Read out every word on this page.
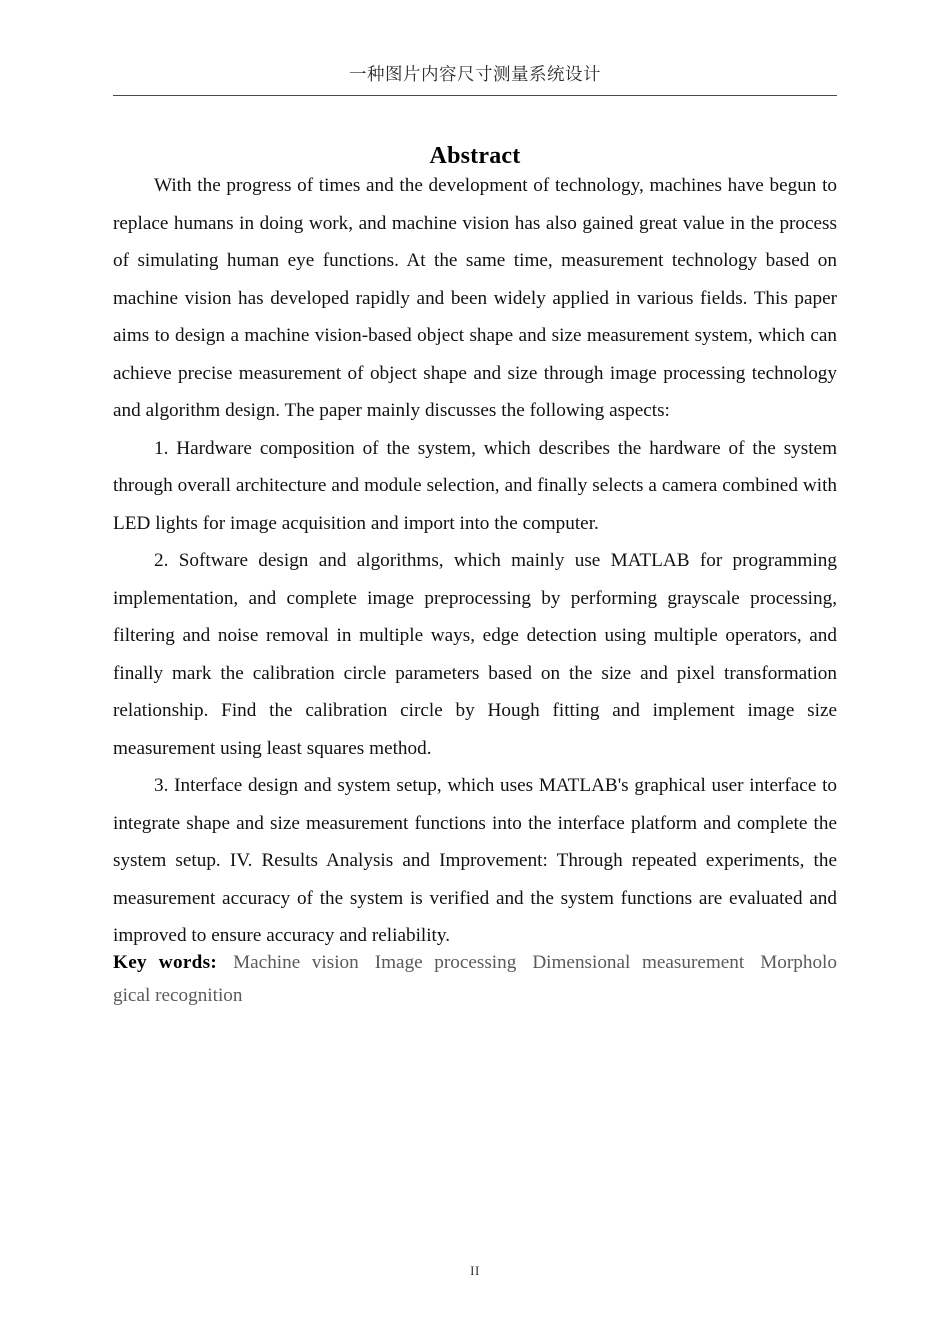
一种图片内容尺寸测量系统设计
Abstract

With the progress of times and the development of technology, machines have begun to replace humans in doing work, and machine vision has also gained great value in the process of simulating human eye functions. At the same time, measurement technology based on machine vision has developed rapidly and been widely applied in various fields. This paper aims to design a machine vision-based object shape and size measurement system, which can achieve precise measurement of object shape and size through image processing technology and algorithm design. The paper mainly discusses the following aspects:

1. Hardware composition of the system, which describes the hardware of the system through overall architecture and module selection, and finally selects a camera combined with LED lights for image acquisition and import into the computer.

2. Software design and algorithms, which mainly use MATLAB for programming implementation, and complete image preprocessing by performing grayscale processing, filtering and noise removal in multiple ways, edge detection using multiple operators, and finally mark the calibration circle parameters based on the size and pixel transformation relationship. Find the calibration circle by Hough fitting and implement image size measurement using least squares method.

3. Interface design and system setup, which uses MATLAB's graphical user interface to integrate shape and size measurement functions into the interface platform and complete the system setup. IV. Results Analysis and Improvement: Through repeated experiments, the measurement accuracy of the system is verified and the system functions are evaluated and improved to ensure accuracy and reliability.

Key words: Machine vision Image processing Dimensional measurement Morpholo gical recognition
II
